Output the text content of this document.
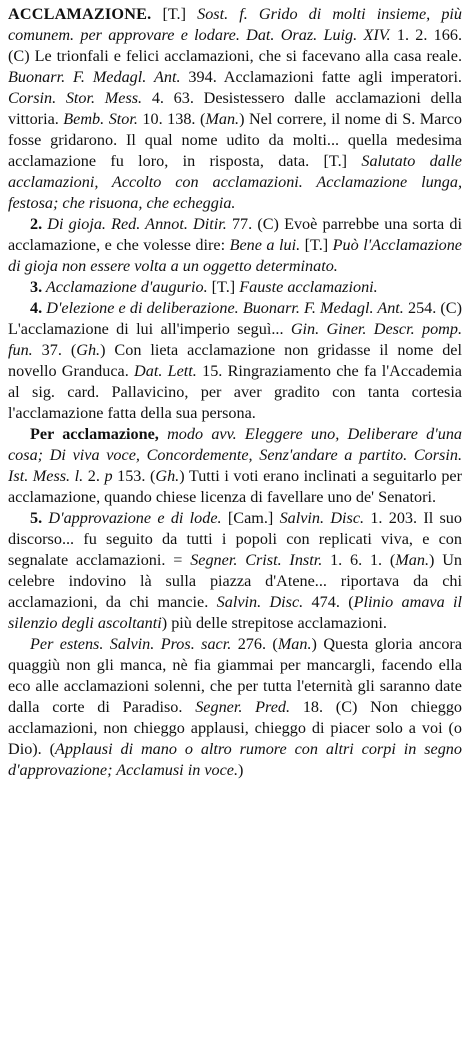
ACCLAMAZIONE. [T.] Sost. f. Grido di molti insieme, più comunem. per approvare e lodare. Dat. Oraz. Luig. XIV. 1. 2. 166. (C) Le trionfali e felici acclamazioni, che si facevano alla casa reale. Buonarr. F. Medagl. Ant. 394. Acclamazioni fatte agli imperatori. Corsin. Stor. Mess. 4. 63. Desistessero dalle acclamazioni della vittoria. Bemb. Stor. 10. 138. (Man.) Nel correre, il nome di S. Marco fosse gridarono. Il qual nome udito da molti... quella medesima acclamazione fu loro, in risposta, data. [T.] Salutato dalle acclamazioni, Accolto con acclamazioni. Acclamazione lunga, festosa; che risuona, che echeggia.

2. Di gioja. Red. Annot. Ditir. 77. (C) Evoè parrebbe una sorta di acclamazione, e che volesse dire: Bene a lui. [T.] Può l'Acclamazione di gioja non essere volta a un oggetto determinato.

3. Acclamazione d'augurio. [T.] Fauste acclamazioni.

4. D'elezione e di deliberazione. Buonarr. F. Medagl. Ant. 254. (C) L'acclamazione di lui all'imperio seguì... Gin. Giner. Descr. pomp. fun. 37. (Gh.) Con lieta acclamazione non gridasse il nome del novello Granduca. Dat. Lett. 15. Ringraziamento che fa l'Accademia al sig. card. Pallavicino, per aver gradito con tanta cortesia l'acclamazione fatta della sua persona.

Per acclamazione, modo avv. Eleggere uno, Deliberare d'una cosa; Di viva voce, Concordemente, Senz'andare a partito. Corsin. Ist. Mess. l. 2. p 153. (Gh.) Tutti i voti erano inclinati a seguitarlo per acclamazione, quando chiese licenza di favellare uno de' Senatori.

5. D'approvazione e di lode. [Cam.] Salvin. Disc. 1. 203. Il suo discorso... fu seguito da tutti i popoli con replicati viva, e con segnalate acclamazioni. = Segner. Crist. Instr. 1. 6. 1. (Man.) Un celebre indovino là sulla piazza d'Atene... riportava da chi acclamazioni, da chi mancie. Salvin. Disc. 474. (Plinio amava il silenzio degli ascoltanti) più delle strepitose acclamazioni.

Per estens. Salvin. Pros. sacr. 276. (Man.) Questa gloria ancora quaggiù non gli manca, nè fia giammai per mancargli, facendo ella eco alle acclamazioni solenni, che per tutta l'eternità gli saranno date dalla corte di Paradiso. Segner. Pred. 18. (C) Non chieggo acclamazioni, non chieggo applausi, chieggo di piacer solo a voi (o Dio). (Applausi di mano o altro rumore con altri corpi in segno d'approvazione; Acclamusi in voce.)
